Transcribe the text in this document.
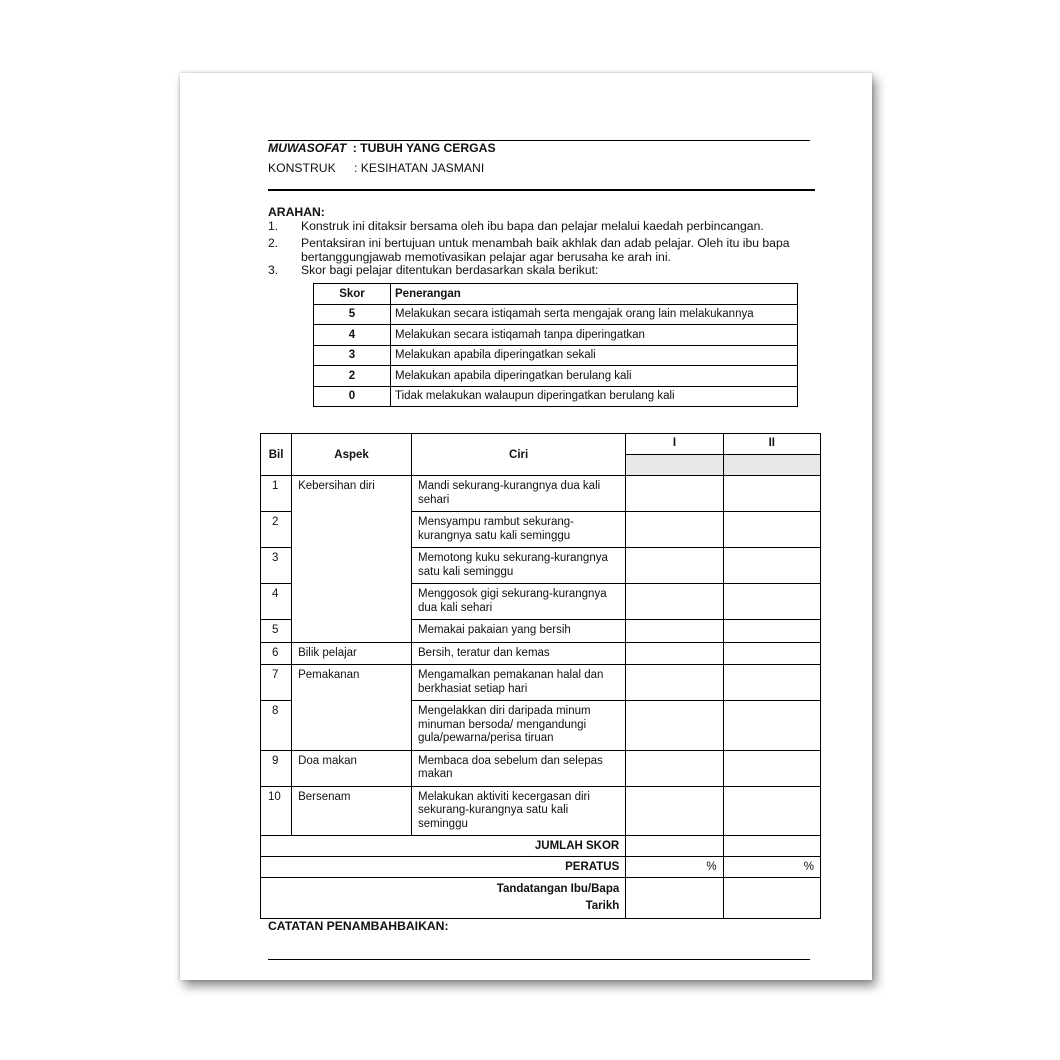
MUWASOFAT : TUBUH YANG CERGAS
KONSTRUK : KESIHATAN JASMANI
ARAHAN:
1. Konstruk ini ditaksir bersama oleh ibu bapa dan pelajar melalui kaedah perbincangan.
2. Pentaksiran ini bertujuan untuk menambah baik akhlak dan adab pelajar. Oleh itu ibu bapa
bertanggungjawab memotivasikan pelajar agar berusaha ke arah ini.
3. Skor bagi pelajar ditentukan berdasarkan skala berikut:
Skor	Penerangan
5	Melakukan secara istiqamah serta mengajak orang lain melakukannya
4	Melakukan secara istiqamah tanpa diperingatkan
3	Melakukan apabila diperingatkan sekali
2	Melakukan apabila diperingatkan berulang kali
0	Tidak melakukan walaupun diperingatkan berulang kali
Bil	Aspek	Ciri	I	II

1	Kebersihan diri	Mandi sekurang-kurangnya dua kali sehari		
2		Mensyampu rambut sekurang-kurangnya satu kali seminggu		
3		Memotong kuku sekurang-kurangnya satu kali seminggu		
4		Menggosok gigi sekurang-kurangnya dua kali sehari		
5		Memakai pakaian yang bersih		
6	Bilik pelajar	Bersih, teratur dan kemas		
7	Pemakanan	Mengamalkan pemakanan halal dan berkhasiat setiap hari		
8		Mengelakkan diri daripada minum minuman bersoda/ mengandungi gula/pewarna/perisa tiruan		
9	Doa makan	Membaca doa sebelum dan selepas makan		
10	Bersenam	Melakukan aktiviti kecergasan diri sekurang-kurangnya satu kali seminggu		
JUMLAH SKOR				
PERATUS			%	%
Tandatangan Ibu/Bapa
Tarikh				
CATATAN PENAMBAHBAIKAN:
